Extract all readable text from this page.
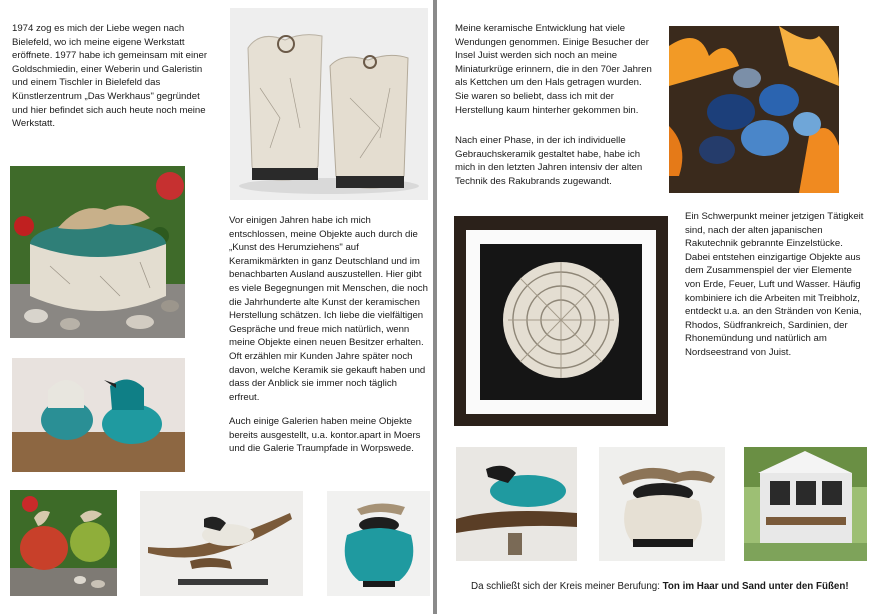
1974 zog es mich der Liebe wegen nach Bielefeld, wo ich meine eigene Werkstatt eröffnete. 1977 habe ich gemeinsam mit einer Goldschmiedin, einer Weberin und Galeristin und einem Tischler in Bielefeld das Künstlerzentrum „Das Werkhaus" gegründet und hier befindet sich auch heute noch meine Werkstatt.

Vor einigen Jahren habe ich mich entschlossen, meine Objekte auch durch die „Kunst des Herumziehens" auf Keramikmärkten in ganz Deutschland und im benachbarten Ausland auszustellen. Hier gibt es viele Begegnungen mit Menschen, die noch die Jahrhunderte alte Kunst der keramischen Herstellung schätzen. Ich liebe die vielfältigen Gespräche und freue mich natürlich, wenn meine Objekte einen neuen Besitzer erhalten. Oft erzählen mir Kunden Jahre später noch davon, welche Keramik sie gekauft haben und dass der Anblick sie immer noch täglich erfreut.

Auch einige Galerien haben meine Objekte bereits ausgestellt, u.a. kontor.apart in Moers und die Galerie Traumpfade in Worpswede.

Meine keramische Entwicklung hat viele Wendungen genommen. Einige Besucher der Insel Juist werden sich noch an meine Miniaturkrüge erinnern, die in den 70er Jahren als Kettchen um den Hals getragen wurden. Sie waren so beliebt, dass ich mit der Herstellung kaum hinterher gekommen bin.

Nach einer Phase, in der ich individuelle Gebrauchskeramik gestaltet habe, habe ich mich in den letzten Jahren intensiv der alten Technik des Rakubrands zugewandt.

Ein Schwerpunkt meiner jetzigen Tätigkeit sind, nach der alten japanischen Rakutechnik gebrannte Einzelstücke. Dabei entstehen einzigartige Objekte aus dem Zusammenspiel der vier Elemente von Erde, Feuer, Luft und Wasser. Häufig kombiniere ich die Arbeiten mit Treibholz, entdeckt u.a. an den Stränden von Kenia, Rhodos, Südfrankreich, Sardinien, der Rhonemündung und natürlich am Nordseestrand von Juist.

Da schließt sich der Kreis meiner Berufung: Ton im Haar und Sand unter den Füßen!
